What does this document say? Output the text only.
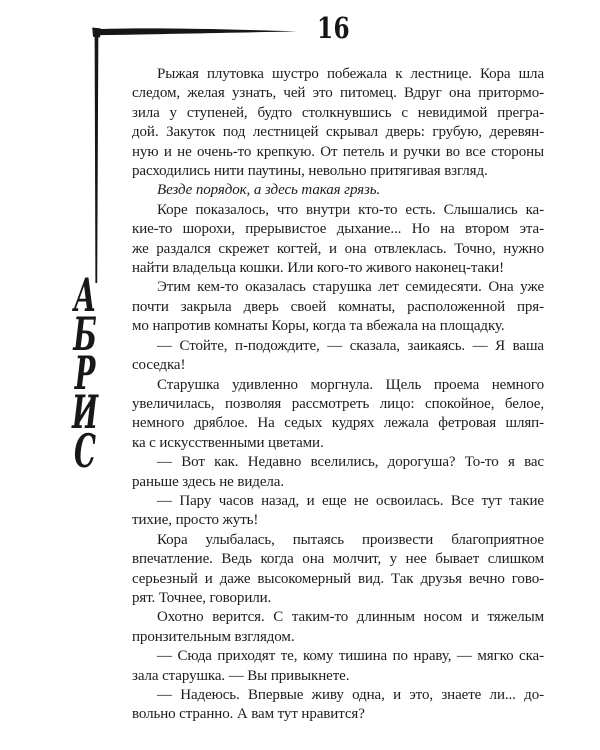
16
А
Б
Р
И
С
Рыжая плутовка шустро побежала к лестнице. Кора шла
следом, желая узнать, чей это питомец. Вдруг она притормо-
зила у ступеней, будто столкнувшись с невидимой прегра-
дой. Закуток под лестницей скрывал дверь: грубую, деревян-
ную и не очень-то крепкую. От петель и ручки во все стороны
расходились нити паутины, невольно притягивая взгляд.
Везде порядок, а здесь такая грязь.
Коре показалось, что внутри кто-то есть. Слышались ка-
кие-то шорохи, прерывистое дыхание... Но на втором эта-
же раздался скрежет когтей, и она отвлеклась. Точно, нужно
найти владельца кошки. Или кого-то живого наконец-таки!
Этим кем-то оказалась старушка лет семидесяти. Она уже
почти закрыла дверь своей комнаты, расположенной пря-
мо напротив комнаты Коры, когда та вбежала на площадку.
— Стойте, п-подождите, — сказала, заикаясь. — Я ваша
соседка!
Старушка удивленно моргнула. Щель проема немного
увеличилась, позволяя рассмотреть лицо: спокойное, белое,
немного дряблое. На седых кудрях лежала фетровая шляп-
ка с искусственными цветами.
— Вот как. Недавно вселились, дорогуша? То-то я вас
раньше здесь не видела.
— Пару часов назад, и еще не освоилась. Все тут такие
тихие, просто жуть!
Кора улыбалась, пытаясь произвести благоприятное
впечатление. Ведь когда она молчит, у нее бывает слишком
серьезный и даже высокомерный вид. Так друзья вечно гово-
рят. Точнее, говорили.
Охотно верится. С таким-то длинным носом и тяжелым
пронзительным взглядом.
— Сюда приходят те, кому тишина по нраву, — мягко ска-
зала старушка. — Вы привыкнете.
— Надеюсь. Впервые живу одна, и это, знаете ли... до-
вольно странно. А вам тут нравится?
